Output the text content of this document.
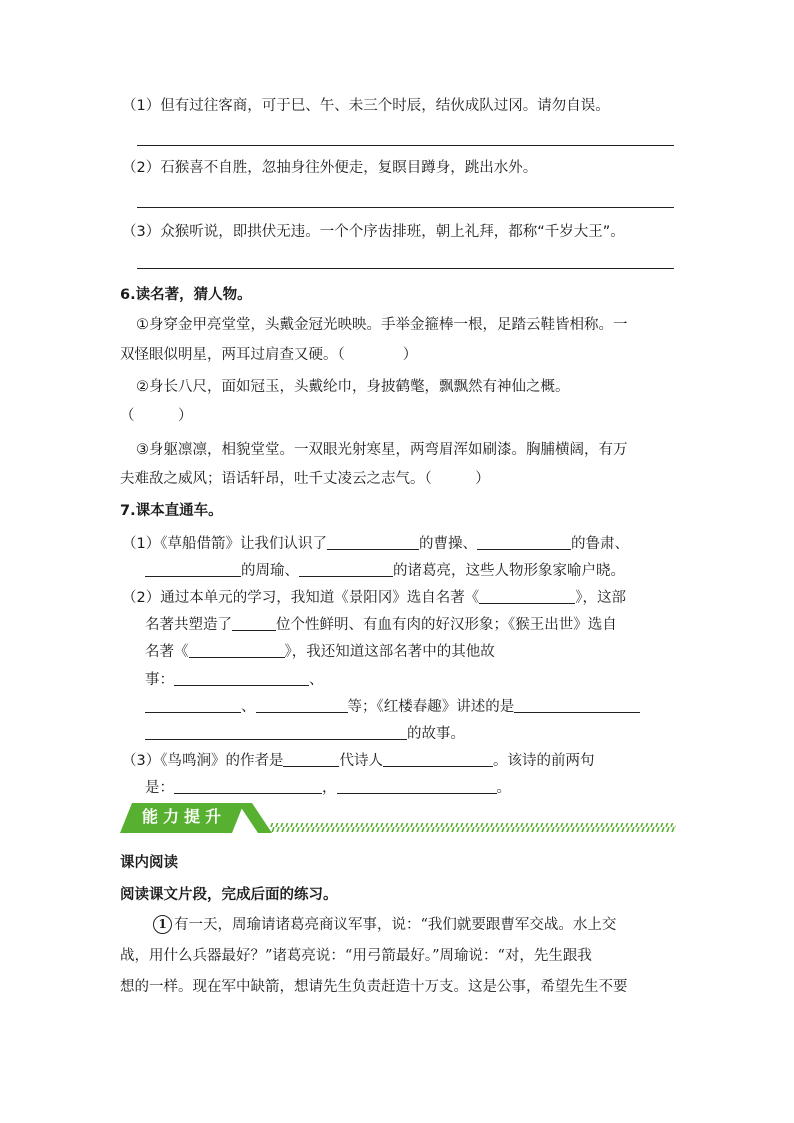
（1）但有过往客商，可于巳、午、未三个时辰，结伙成队过冈。请勿自误。
（2）石猴喜不自胜，忽抽身往外便走，复瞑目蹲身，跳出水外。
（3）众猴听说，即拱伏无违。一个个序齿排班，朝上礼拜，都称“千岁大王”。
6.读名著，猜人物。
①身穿金甲亮堂堂，头戴金冠光映映。手举金箍棒一根，足踏云鞋皆相称。一
双怪眼似明星，两耳过肩查又硬。（　　　　）
②身长八尺，面如冠玉，头戴纶巾，身披鹤氅，飘飘然有神仙之概。
（　　　）
③身躯凛凛，相貌堂堂。一双眼光射寒星，两弯眉浑如刷漆。胸脯横阔，有万
夫难敌之威风；语话轩昂，吐千丈凌云之志气。（　　　）
7.课本直通车。
（1）《草船借箭》让我们认识了	的曹操、	的鲁肃、
的周瑜、	的诸葛亮，这些人物形象家喻户晓。
（2）通过本单元的学习，我知道《景阳冈》选自名著《	》，这部
名著共塑造了	位个性鲜明、有血有肉的好汉形象；《猴王出世》选自
名著《	》，我还知道这部名著中的其他故
事：	、
、	等；《红楼春趣》讲述的是
的故事。
（3）《鸟鸣涧》的作者是	代诗人	。该诗的前两句
是：	，	。
能力提升
课内阅读
阅读课文片段，完成后面的练习。
1 有一天，周瑜请诸葛亮商议军事，说：“我们就要跟曹军交战。水上交
战，用什么兵器最好？”诸葛亮说：“用弓箭最好。”周瑜说：“对，先生跟我
想的一样。现在军中缺箭，想请先生负责赶造十万支。这是公事，希望先生不要
